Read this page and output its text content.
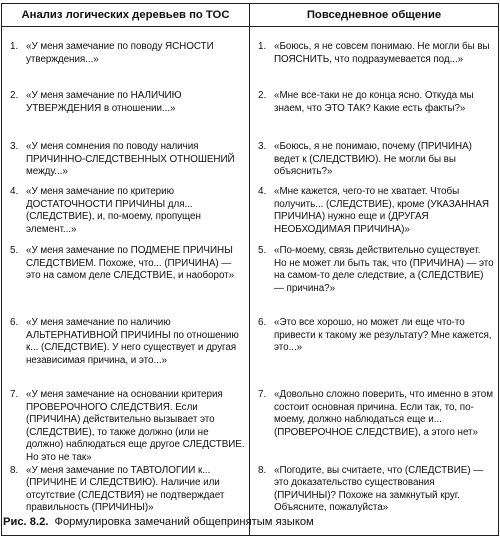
Анализ логических деревьев по ТОС	Повседневное общение

1. «У меня замечание по поводу ЯСНОСТИ утверждения...»	1. «Боюсь, я не совсем понимаю. Не могли бы вы ПОЯСНИТЬ, что подразумевается под...»

2. «У меня замечание по НАЛИЧИЮ УТВЕРЖДЕНИЯ в отношении...»	2. «Мне все-таки не до конца ясно. Откуда мы знаем, что ЭТО ТАК? Какие есть факты?»

3. «У меня сомнения по поводу наличия ПРИЧИННО-СЛЕДСТВЕННЫХ ОТНОШЕНИЙ между...»	3. «Боюсь, я не понимаю, почему (ПРИЧИНА) ведет к (СЛЕДСТВИЮ). Не могли бы вы объяснить?»

4. «У меня замечание по критерию ДОСТАТОЧНОСТИ ПРИЧИНЫ для... (СЛЕДСТВИЕ), и, по-моему, пропущен элемент...»	4. «Мне кажется, чего-то не хватает. Чтобы получить... (СЛЕДСТВИЕ), кроме (УКАЗАННАЯ ПРИЧИНА) нужно еще и (ДРУГАЯ НЕОБХОДИМАЯ ПРИЧИНА)»

5. «У меня замечание по ПОДМЕНЕ ПРИЧИНЫ СЛЕДСТВИЕМ. Похоже, что... (ПРИЧИНА) — это на самом деле СЛЕДСТВИЕ, и наоборот»	5. «По-моему, связь действительно существует. Но не может ли быть так, что (ПРИЧИНА) — это на самом-то деле следствие, а (СЛЕДСТВИЕ) — причина?»

6. «У меня замечание по наличию АЛЬТЕРНАТИВНОЙ ПРИЧИНЫ по отношению к... (СЛЕДСТВИЕ). У него существует и другая независимая причина, и это...»	6. «Это все хорошо, но может ли еще что-то привести к такому же результату? Мне кажется, это...»

7. «У меня замечание на основании критерия ПРОВЕРОЧНОГО СЛЕДСТВИЯ. Если (ПРИЧИНА) действительно вызывает это (СЛЕДСТВИЕ), то также должно (или не должно) наблюдаться еще другое СЛЕДСТВИЕ. Но это не так»	7. «Довольно сложно поверить, что именно в этом состоит основная причина. Если так, то, по-моему, должно наблюдаться еще и... (ПРОВЕРОЧНОЕ СЛЕДСТВИЕ), а этого нет»

8. «У меня замечание по ТАВТОЛОГИИ к...(ПРИЧИНЕ И СЛЕДСТВИЮ). Наличие или отсутствие (СЛЕДСТВИЯ) не подтверждает правильность (ПРИЧИНЫ)»	8. «Погодите, вы считаете, что (СЛЕДСТВИЕ) — это доказательство существования (ПРИЧИНЫ)? Похоже на замкнутый круг. Объясните, пожалуйста»
Рис. 8.2. Формулировка замечаний общепринятым языком
